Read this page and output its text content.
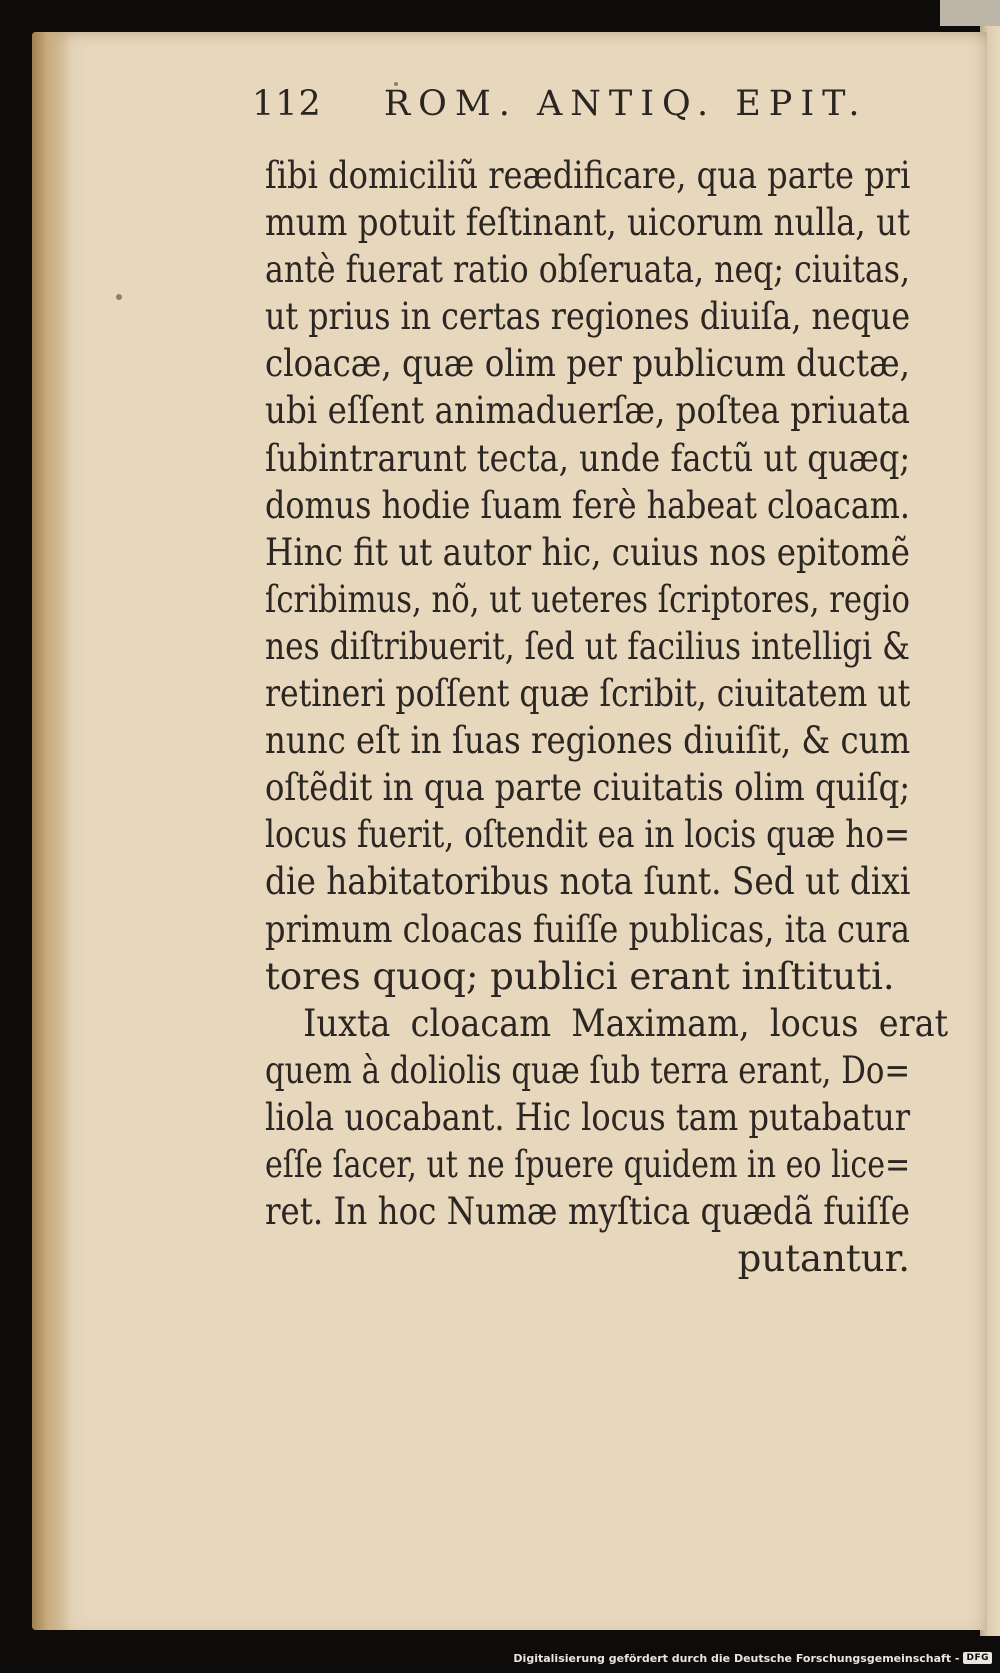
112 ROM. ANTIQ. EPIT.
ſibi domiciliũ reædificare, qua parte pri
mum potuit feſtinant, uicorum nulla, ut
antè fuerat ratio obſeruata, neq; ciuitas,
ut prius in certas regiones diuiſa, neque
cloacæ, quæ olim per publicum ductæ,
ubi eſſent animaduerſæ, poſtea priuata
ſubintrarunt tecta, unde factũ ut quæq;
domus hodie ſuam ferè habeat cloacam.
Hinc fit ut autor hic, cuius nos epitomẽ
ſcribimus, nõ, ut ueteres ſcriptores, regio
nes diſtribuerit, ſed ut facilius intelligi &
retineri poſſent quæ ſcribit, ciuitatem ut
nunc eſt in ſuas regiones diuiſit, & cum
oſtẽdit in qua parte ciuitatis olim quiſq;
locus fuerit, oſtendit ea in locis quæ ho=
die habitatoribus nota ſunt. Sed ut dixi
primum cloacas fuiſſe publicas, ita cura
tores quoq; publici erant inſtituti.
Iuxta cloacam Maximam, locus erat
quem à doliolis quæ ſub terra erant, Do=
liola uocabant. Hic locus tam putabatur
eſſe ſacer, ut ne ſpuere quidem in eo lice=
ret. In hoc Numæ myſtica quædã fuiſſe
putantur.
Digitalisierung gefördert durch die Deutsche Forschungsgemeinschaft - DFG
